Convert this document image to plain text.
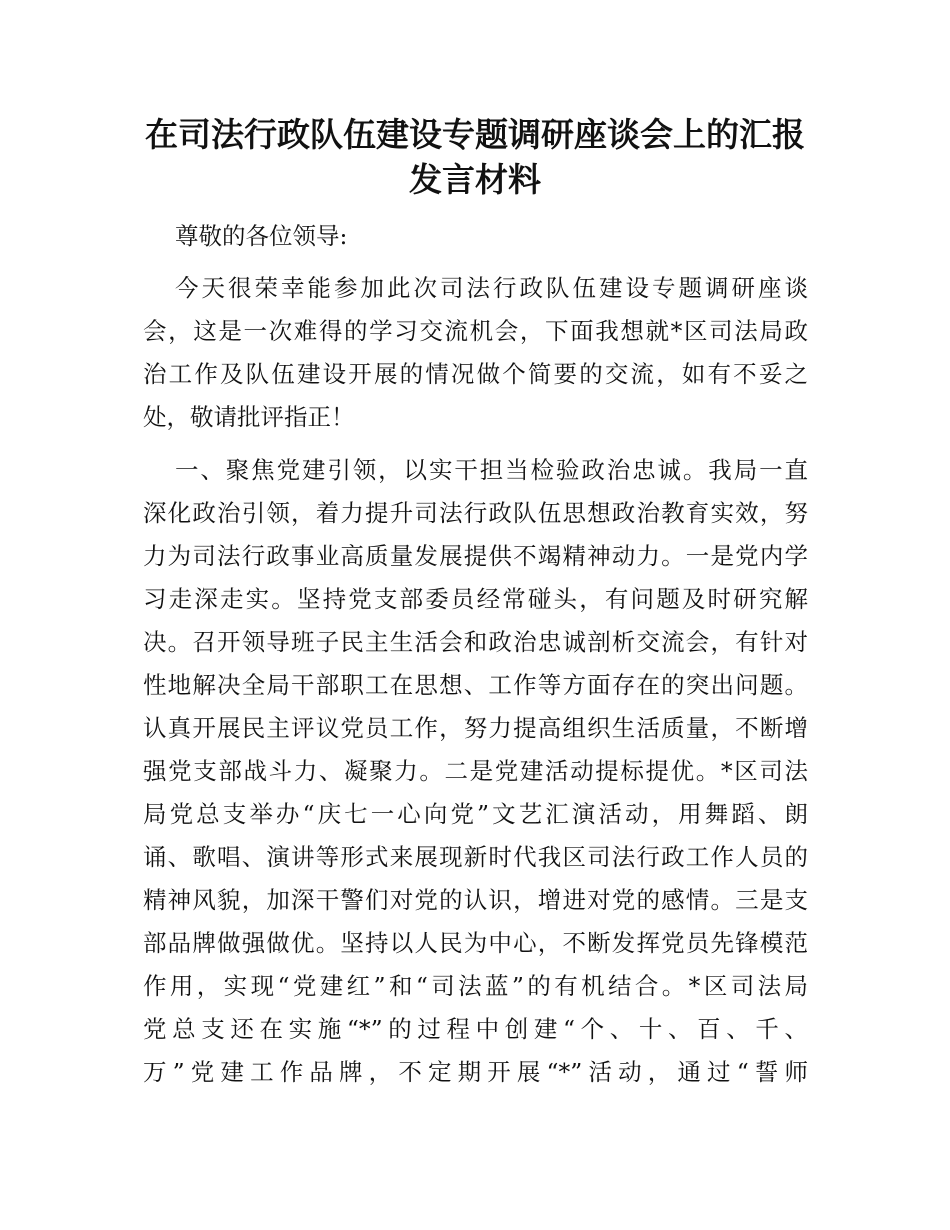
在司法行政队伍建设专题调研座谈会上的汇报
发言材料
尊敬的各位领导:
今天很荣幸能参加此次司法行政队伍建设专题调研座谈
会，这是一次难得的学习交流机会，下面我想就*区司法局政
治工作及队伍建设开展的情况做个简要的交流，如有不妥之
处，敬请批评指正！
一、聚焦党建引领，以实干担当检验政治忠诚。我局一直
深化政治引领，着力提升司法行政队伍思想政治教育实效，努
力为司法行政事业高质量发展提供不竭精神动力。一是党内学
习走深走实。坚持党支部委员经常碰头，有问题及时研究解
决。召开领导班子民主生活会和政治忠诚剖析交流会，有针对
性地解决全局干部职工在思想、工作等方面存在的突出问题。
认真开展民主评议党员工作，努力提高组织生活质量，不断增
强党支部战斗力、凝聚力。二是党建活动提标提优。*区司法
局党总支举办“庆七一心向党”文艺汇演活动，用舞蹈、朗
诵、歌唱、演讲等形式来展现新时代我区司法行政工作人员的
精神风貌，加深干警们对党的认识，增进对党的感情。三是支
部品牌做强做优。坚持以人民为中心，不断发挥党员先锋模范
作用，实现“党建红”和“司法蓝”的有机结合。*区司法局
党总支还在实施“*”的过程中创建“个、十、百、千、
万”党建工作品牌，不定期开展“*”活动，通过“誓师
